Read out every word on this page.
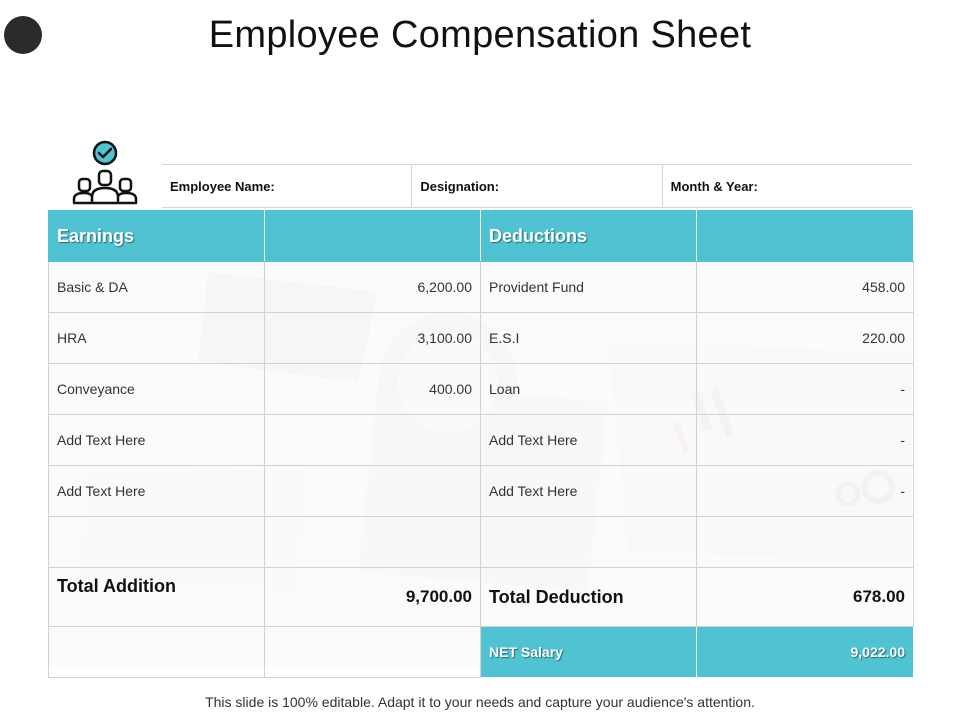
Employee Compensation Sheet
Employee Name:	Designation:	Month & Year:
Earnings		Deductions	
Basic & DA	6,200.00	Provident Fund	458.00
HRA	3,100.00	E.S.I	220.00
Conveyance	400.00	Loan	-
Add Text Here		Add Text Here	-
Add Text Here		Add Text Here	-

Total Addition	9,700.00	Total Deduction	678.00
		NET Salary	9,022.00
This slide is 100% editable. Adapt it to your needs and capture your audience's attention.
